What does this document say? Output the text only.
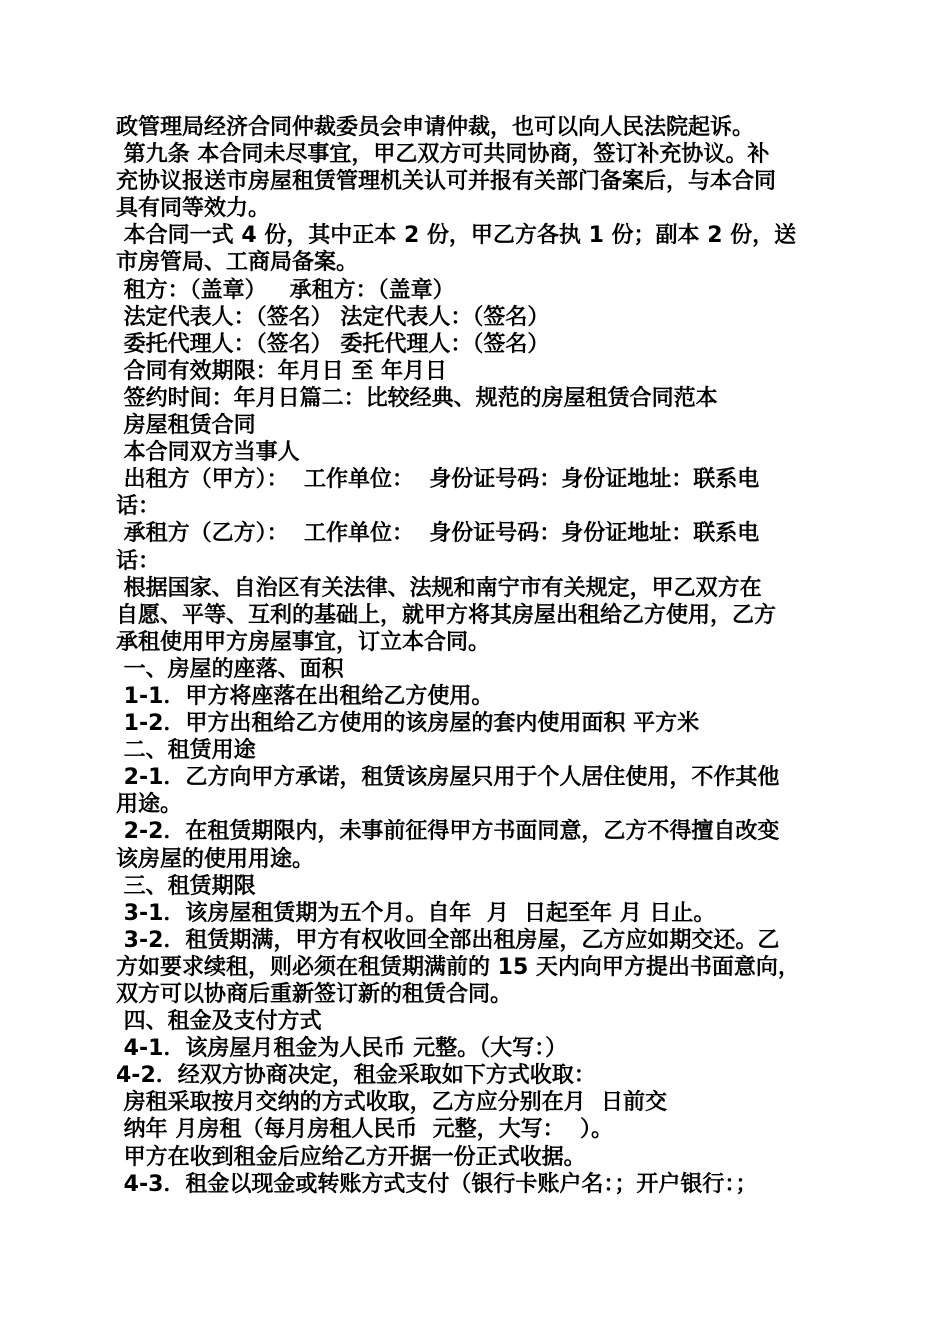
政管理局经济合同仲裁委员会申请仲裁，也可以向人民法院起诉。
第九条 本合同未尽事宜，甲乙双方可共同协商，签订补充协议。补
充协议报送市房屋租赁管理机关认可并报有关部门备案后，与本合同
具有同等效力。
本合同一式 4 份，其中正本 2 份，甲乙方各执 1 份；副本 2 份，送
市房管局、工商局备案。
租方：（盖章）   承租方：（盖章）
法定代表人：（签名） 法定代表人：（签名）
委托代理人：（签名） 委托代理人：（签名）
合同有效期限：年月日 至 年月日
签约时间：年月日篇二：比较经典、规范的房屋租赁合同范本
房屋租赁合同
本合同双方当事人
出租方（甲方）：  工作单位：  身份证号码：身份证地址：联系电
话：
承租方（乙方）：  工作单位：  身份证号码：身份证地址：联系电
话：
根据国家、自治区有关法律、法规和南宁市有关规定，甲乙双方在
自愿、平等、互利的基础上，就甲方将其房屋出租给乙方使用，乙方
承租使用甲方房屋事宜，订立本合同。
一、房屋的座落、面积
1-1．甲方将座落在出租给乙方使用。
1-2．甲方出租给乙方使用的该房屋的套内使用面积 平方米
二、租赁用途
2-1．乙方向甲方承诺，租赁该房屋只用于个人居住使用，不作其他
用途。
2-2．在租赁期限内，未事前征得甲方书面同意，乙方不得擅自改变
该房屋的使用用途。
三、租赁期限
3-1．该房屋租赁期为五个月。自年  月  日起至年 月 日止。
3-2．租赁期满，甲方有权收回全部出租房屋，乙方应如期交还。乙
方如要求续租，则必须在租赁期满前的 15 天内向甲方提出书面意向，
双方可以协商后重新签订新的租赁合同。
四、租金及支付方式
4-1．该房屋月租金为人民币 元整。（大写：）
4-2．经双方协商决定，租金采取如下方式收取：
房租采取按月交纳的方式收取，乙方应分别在月  日前交
纳年 月房租（每月房租人民币  元整，大写：  ）。
甲方在收到租金后应给乙方开据一份正式收据。
4-3．租金以现金或转账方式支付（银行卡账户名：；开户银行：；
